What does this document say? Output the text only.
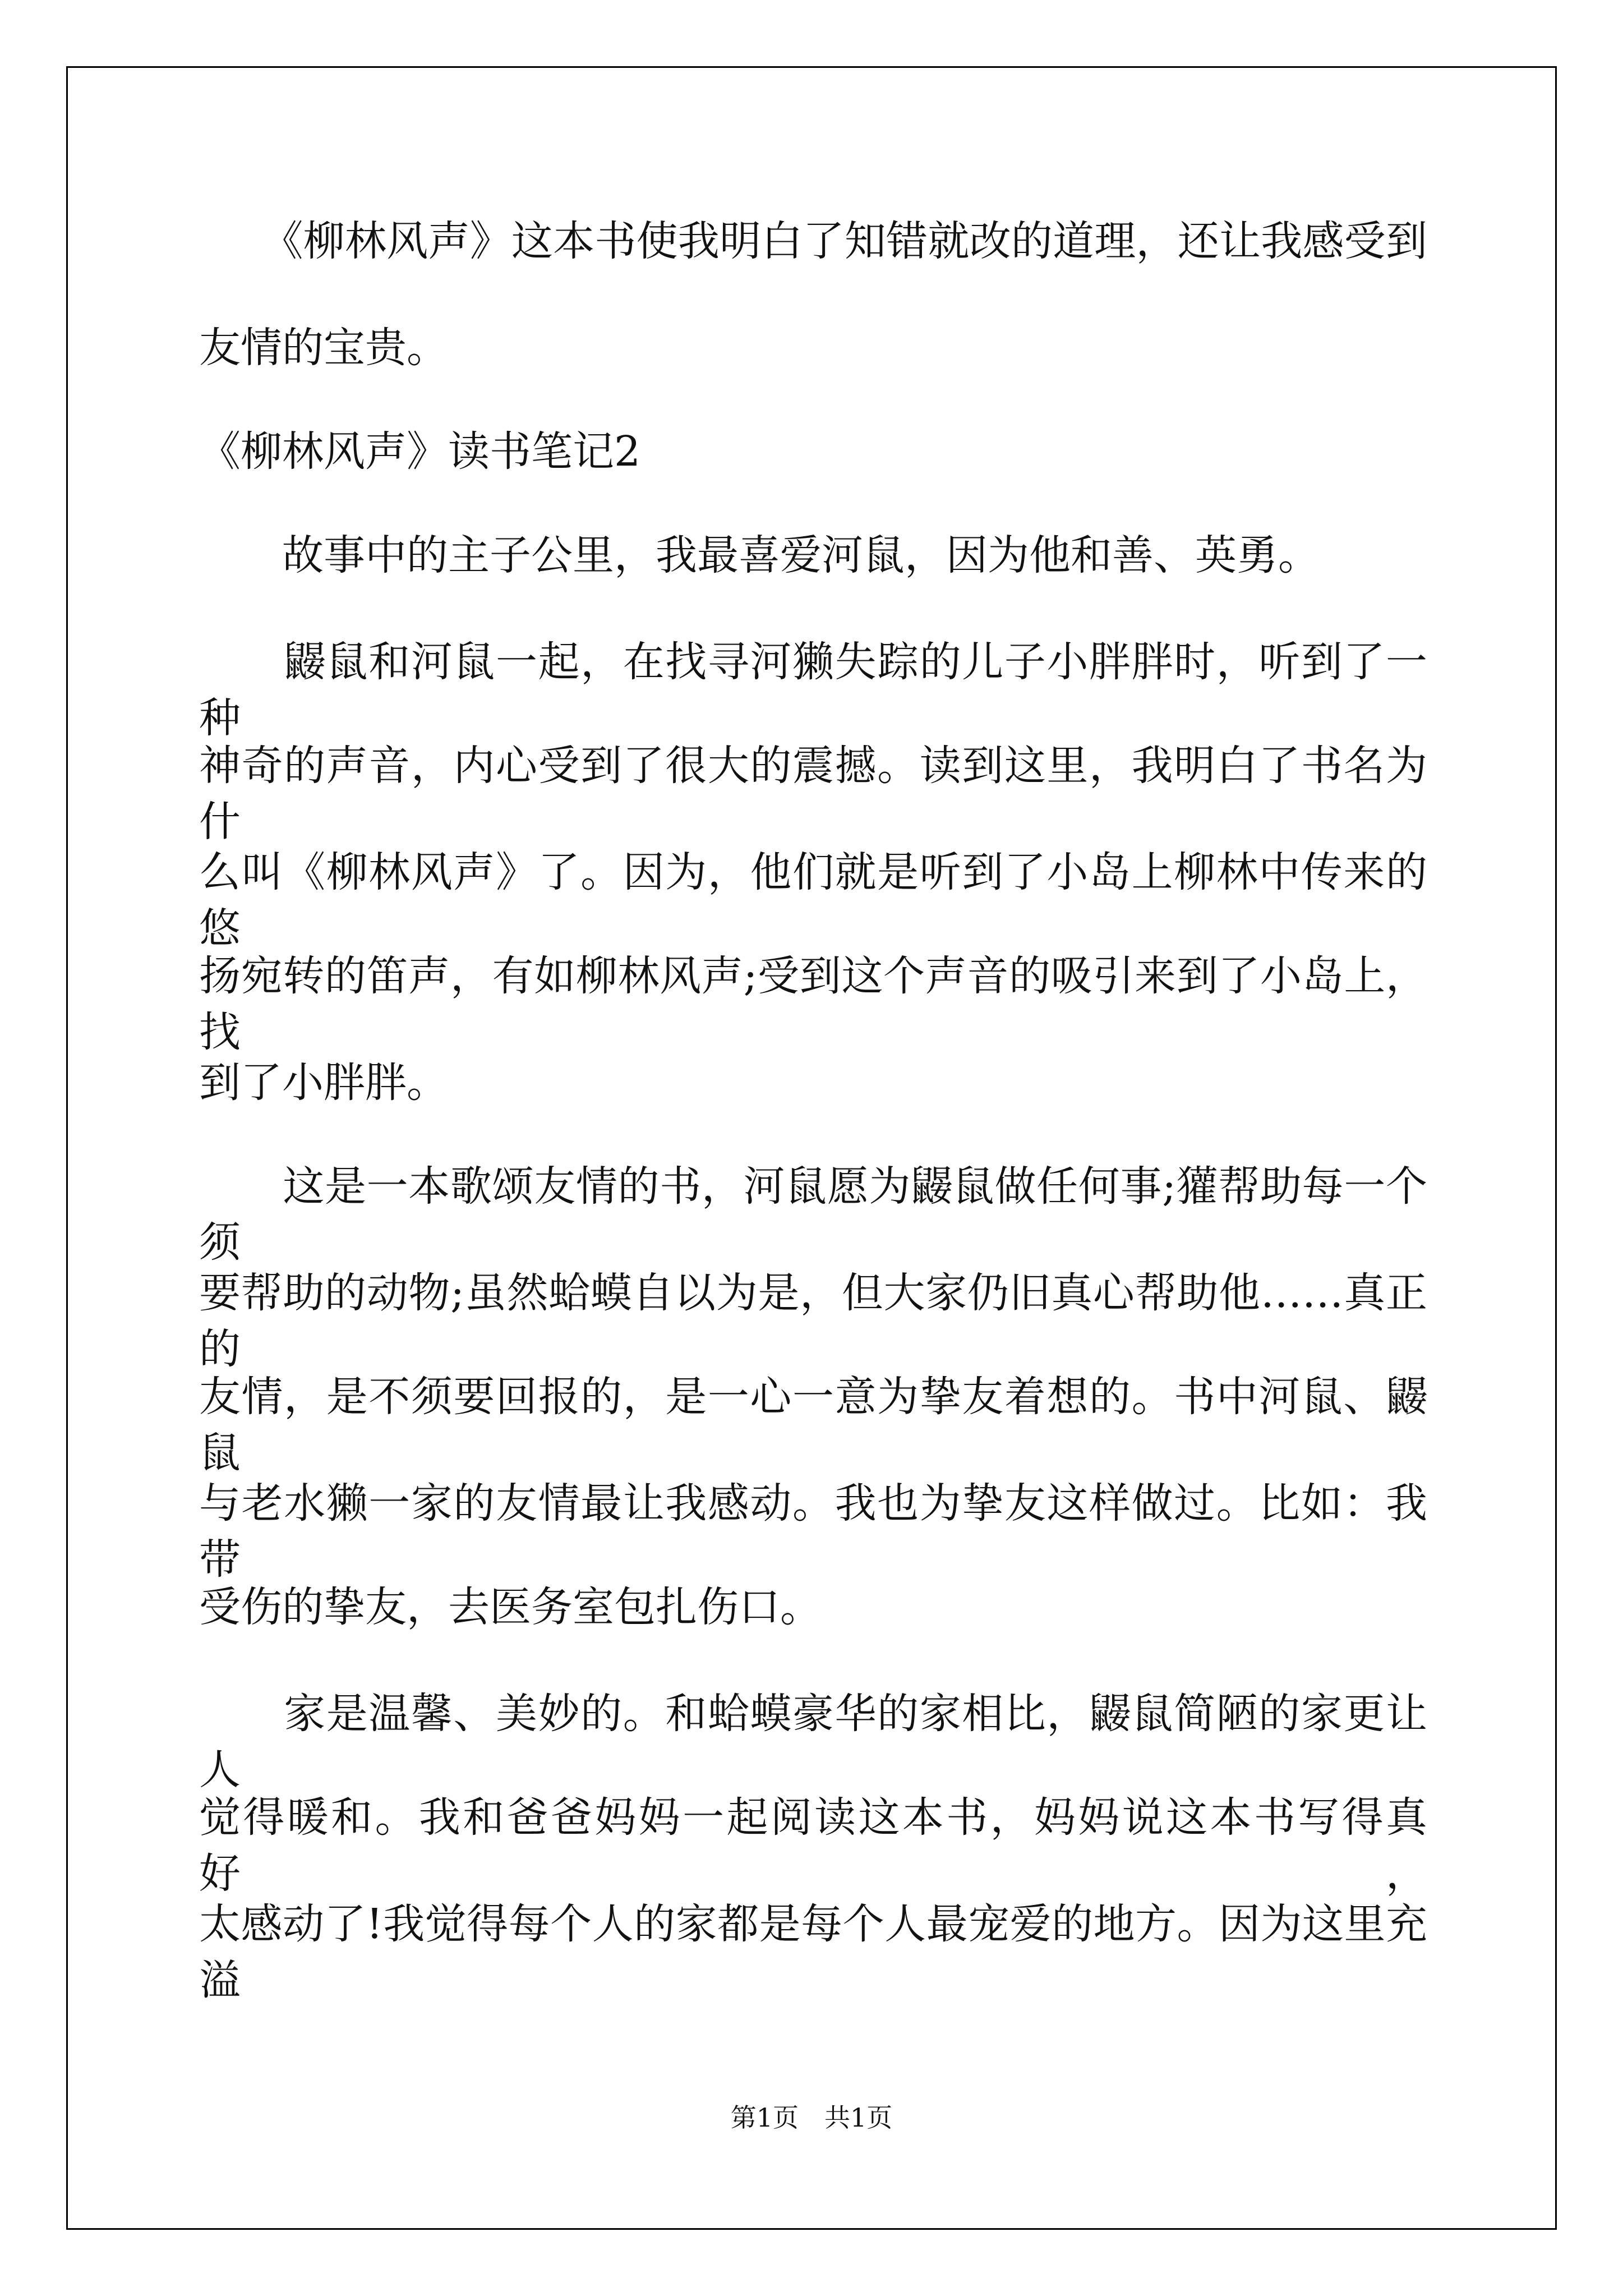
　　《柳林风声》这本书使我明白了知错就改的道理，还让我感受到
友情的宝贵。
《柳林风声》读书笔记2
　　故事中的主子公里，我最喜爱河鼠，因为他和善、英勇。
　　鼹鼠和河鼠一起，在找寻河獭失踪的儿子小胖胖时，听到了一种
神奇的声音，内心受到了很大的震撼。读到这里，我明白了书名为什
么叫《柳林风声》了。因为，他们就是听到了小岛上柳林中传来的悠
扬宛转的笛声，有如柳林风声;受到这个声音的吸引来到了小岛上，找
到了小胖胖。
　　这是一本歌颂友情的书，河鼠愿为鼹鼠做任何事;獾帮助每一个须
要帮助的动物;虽然蛤蟆自以为是，但大家仍旧真心帮助他……真正的
友情，是不须要回报的，是一心一意为挚友着想的。书中河鼠、鼹鼠
与老水獭一家的友情最让我感动。我也为挚友这样做过。比如：我带
受伤的挚友，去医务室包扎伤口。
　　家是温馨、美妙的。和蛤蟆豪华的家相比，鼹鼠简陋的家更让人
觉得暖和。我和爸爸妈妈一起阅读这本书，妈妈说这本书写得真好，
太感动了!我觉得每个人的家都是每个人最宠爱的地方。因为这里充溢
第1页　共1页
